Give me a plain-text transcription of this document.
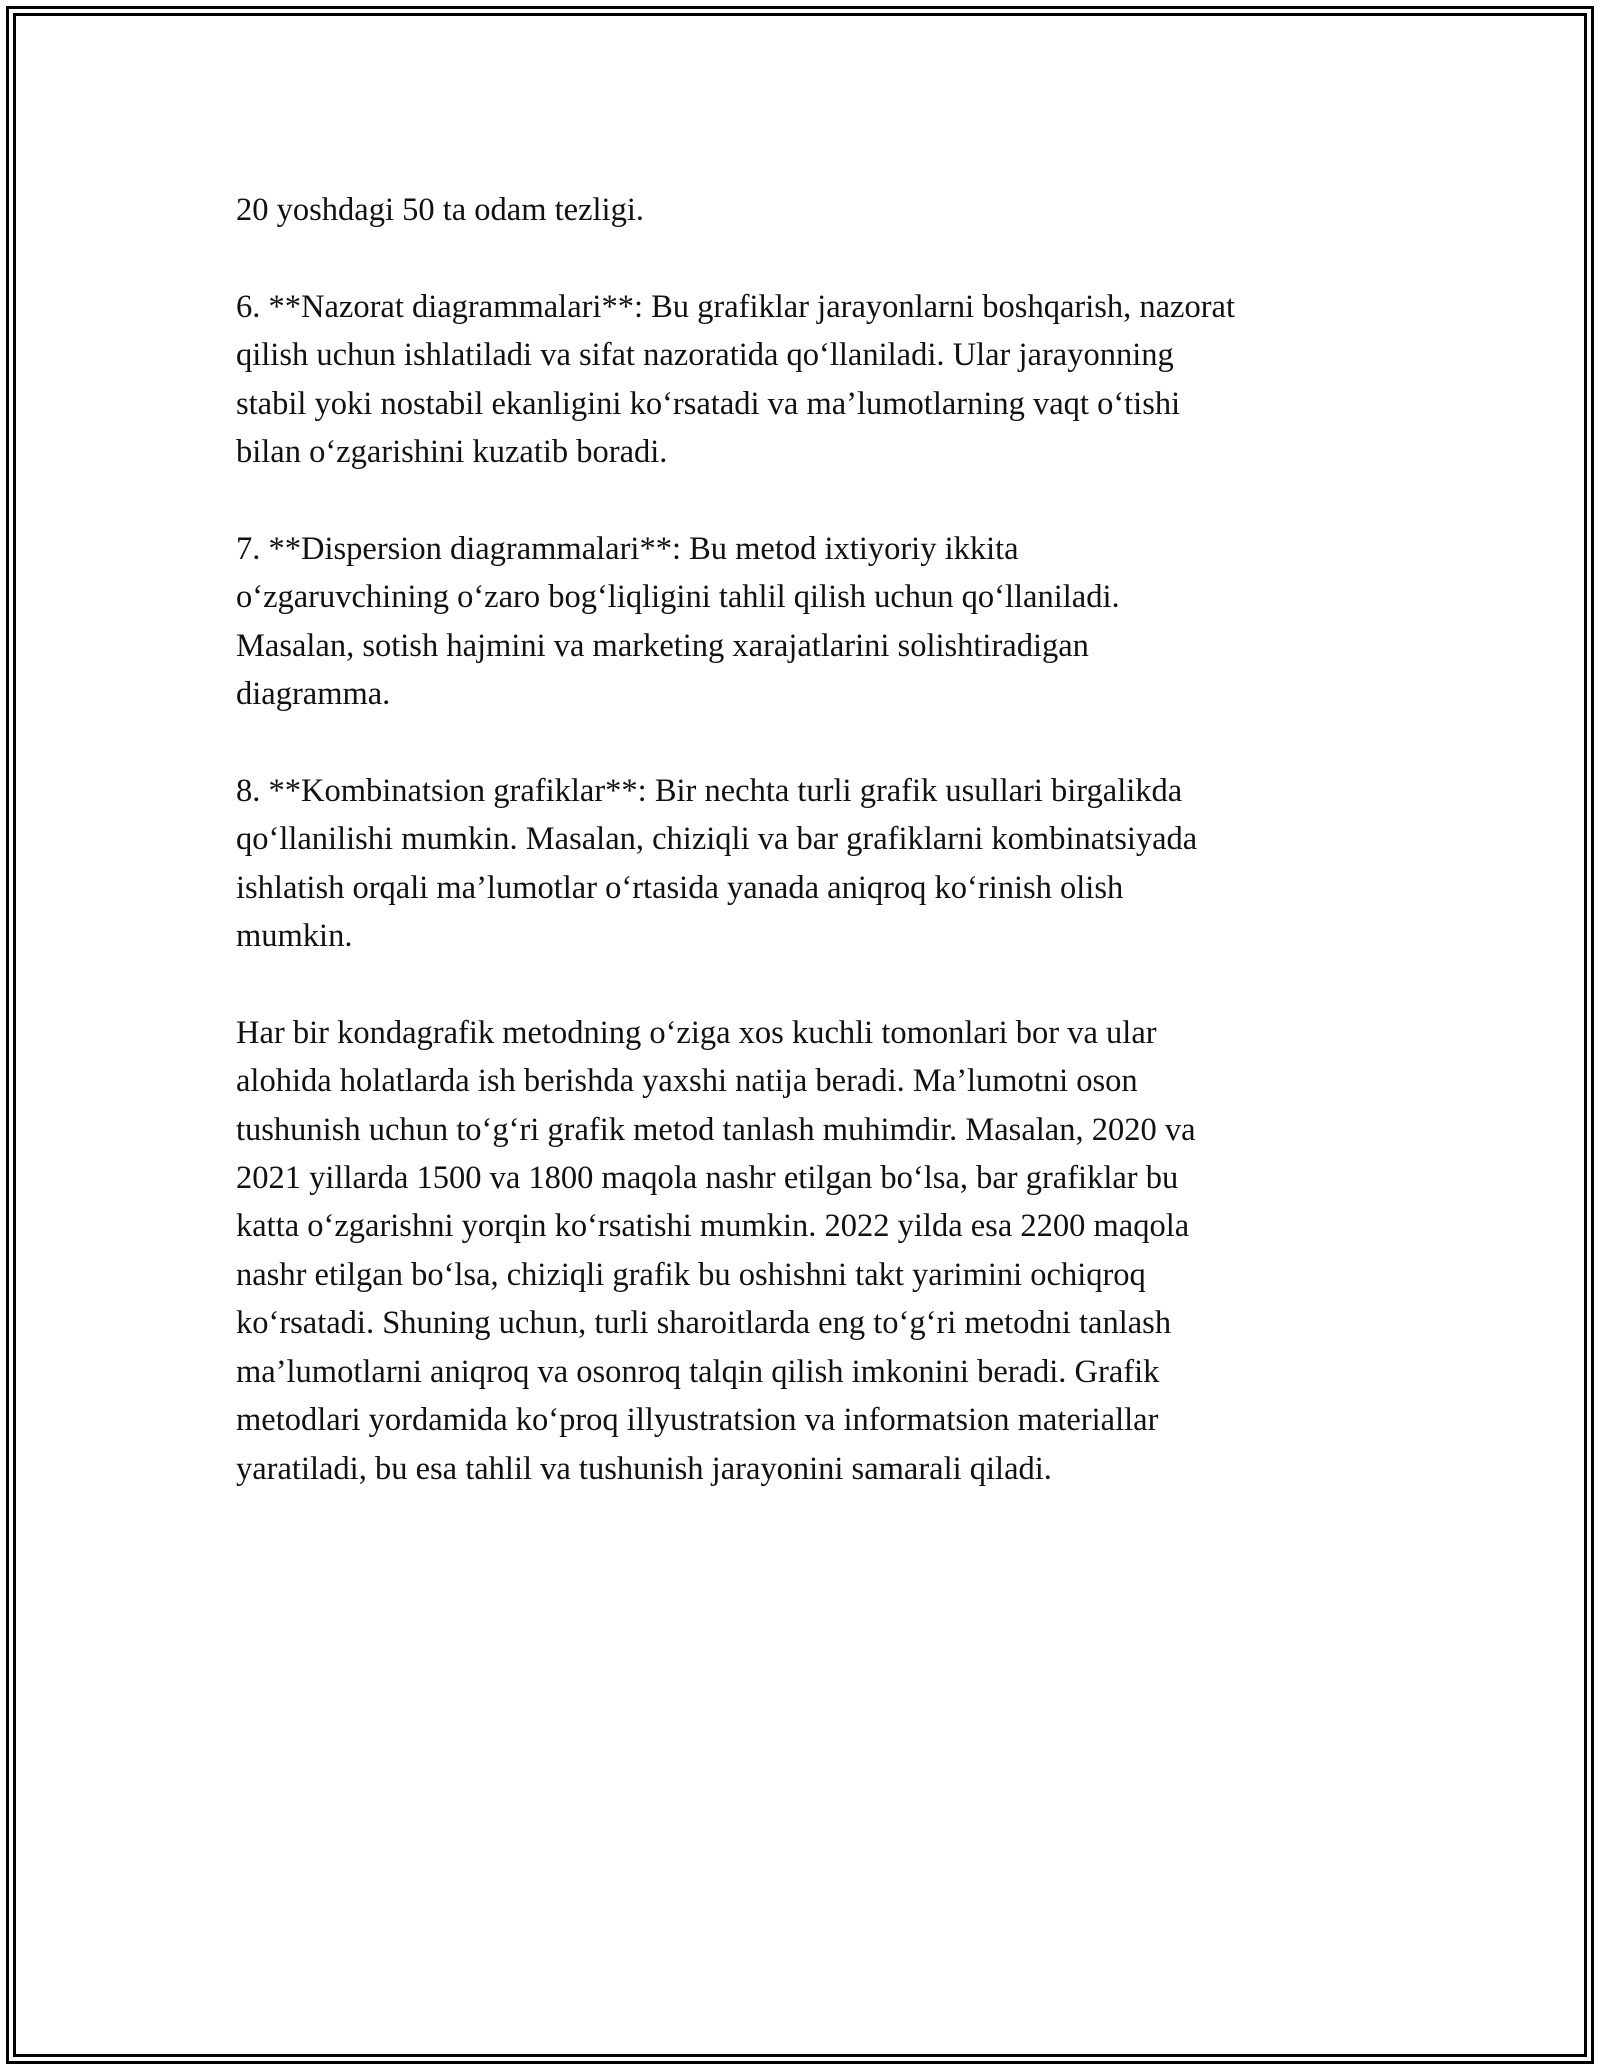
20 yoshdagi 50 ta odam tezligi.

6. **Nazorat diagrammalari**: Bu grafiklar jarayonlarni boshqarish, nazorat
qilish uchun ishlatiladi va sifat nazoratida qo‘llaniladi. Ular jarayonning
stabil yoki nostabil ekanligini ko‘rsatadi va ma’lumotlarning vaqt o‘tishi
bilan o‘zgarishini kuzatib boradi.

7. **Dispersion diagrammalari**: Bu metod ixtiyoriy ikkita
o‘zgaruvchining o‘zaro bog‘liqligini tahlil qilish uchun qo‘llaniladi.
Masalan, sotish hajmini va marketing xarajatlarini solishtiradigan
diagramma.

8. **Kombinatsion grafiklar**: Bir nechta turli grafik usullari birgalikda
qo‘llanilishi mumkin. Masalan, chiziqli va bar grafiklarni kombinatsiyada
ishlatish orqali ma’lumotlar o‘rtasida yanada aniqroq ko‘rinish olish
mumkin.

Har bir kondagrafik metodning o‘ziga xos kuchli tomonlari bor va ular
alohida holatlarda ish berishda yaxshi natija beradi. Ma’lumotni oson
tushunish uchun to‘g‘ri grafik metod tanlash muhimdir. Masalan, 2020 va
2021 yillarda 1500 va 1800 maqola nashr etilgan bo‘lsa, bar grafiklar bu
katta o‘zgarishni yorqin ko‘rsatishi mumkin. 2022 yilda esa 2200 maqola
nashr etilgan bo‘lsa, chiziqli grafik bu oshishni takt yarimini ochiqroq
ko‘rsatadi. Shuning uchun, turli sharoitlarda eng to‘g‘ri metodni tanlash
ma’lumotlarni aniqroq va osonroq talqin qilish imkonini beradi. Grafik
metodlari yordamida ko‘proq illyustratsion va informatsion materiallar
yaratiladi, bu esa tahlil va tushunish jarayonini samarali qiladi.
